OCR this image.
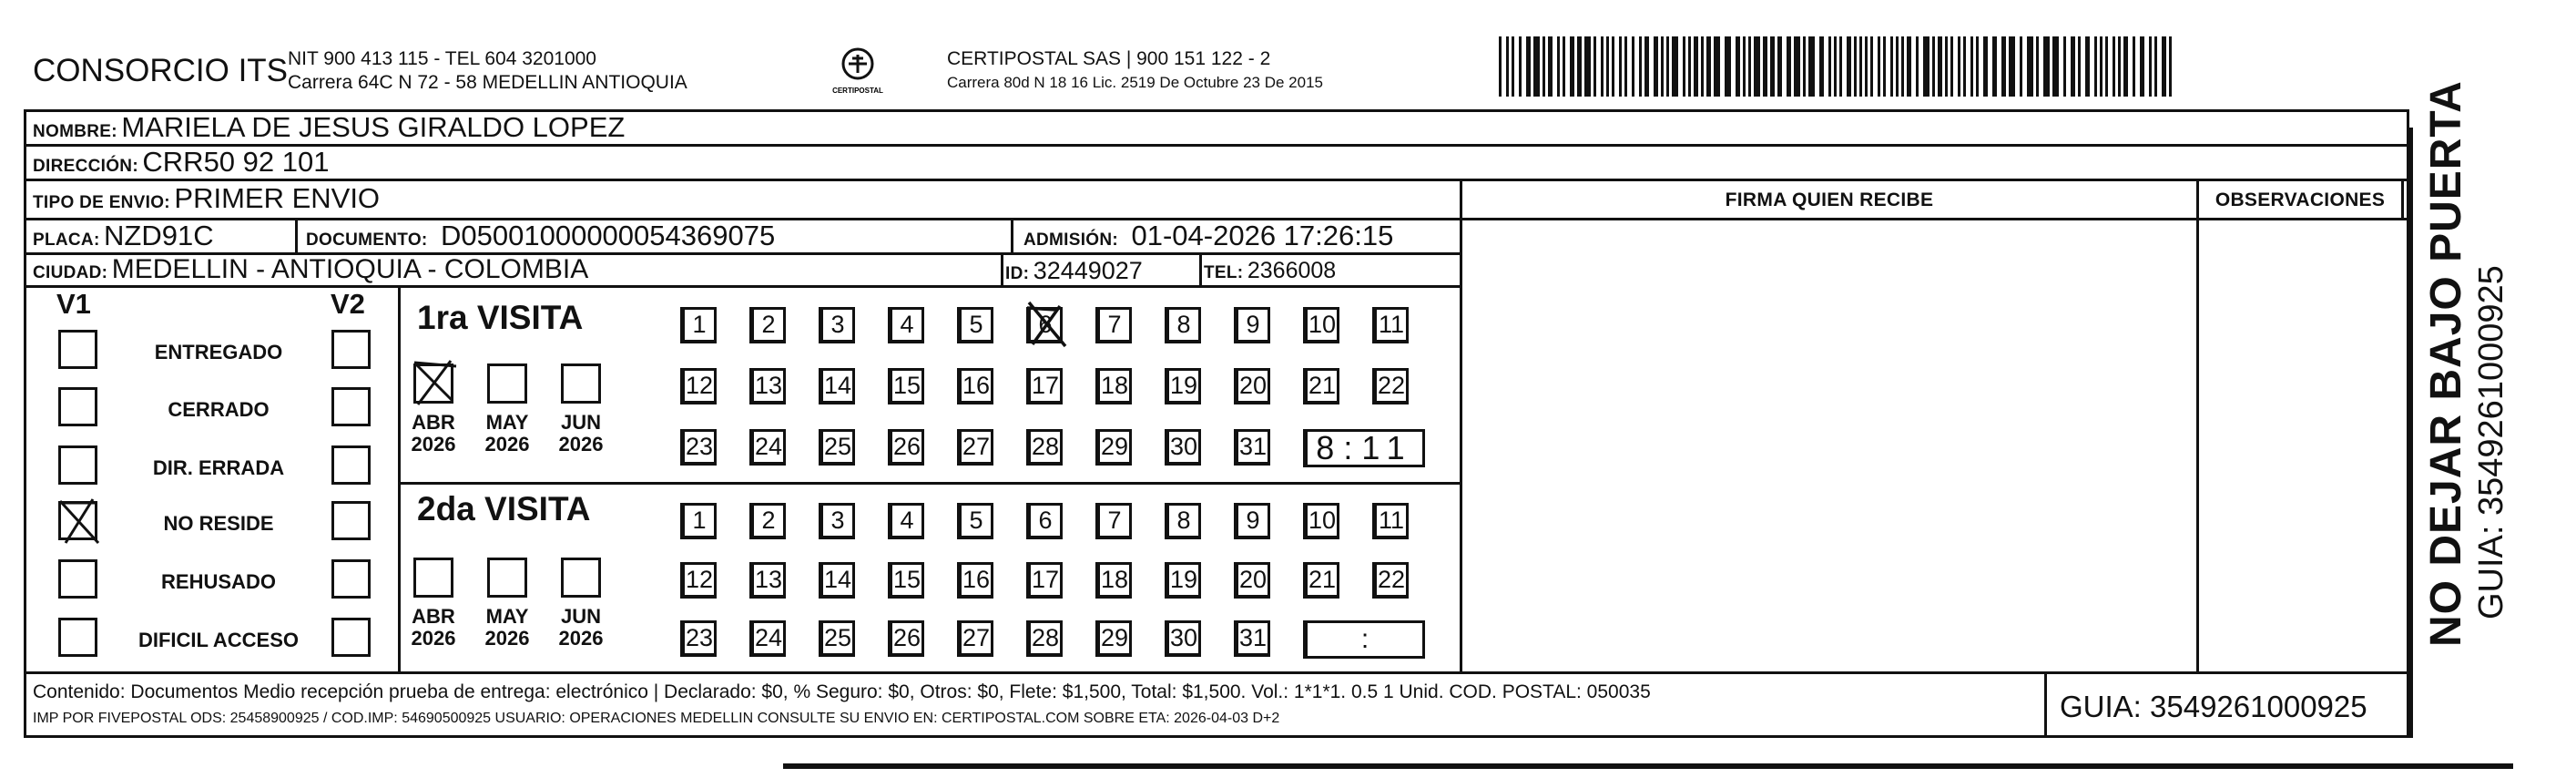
CONSORCIO ITS NIT 900 413 115 - TEL 604 3201000
Carrera 64C N 72 - 58 MEDELLIN ANTIOQUIA	CERTIPOSTAL
CERTIPOSTAL SAS | 900 151 122 - 2
Carrera 80d N 18 16 Lic. 2519 De Octubre 23 De 2015
NOMBRE: MARIELA DE JESUS GIRALDO LOPEZ
DIRECCIÓN: CRR50 92 101
TIPO DE ENVIO: PRIMER ENVIO	FIRMA QUIEN RECIBE	OBSERVACIONES
PLACA: NZD91C	DOCUMENTO: D05001000000054369075	ADMISIÓN: 01-04-2026 17:26:15
CIUDAD: MEDELLIN - ANTIOQUIA - COLOMBIA	ID: 32449027	TEL: 2366008
V1	V2
ENTREGADO
CERRADO
DIR. ERRADA
NO RESIDE
REHUSADO
DIFICIL ACCESO
1ra VISITA
2da VISITA
ABR
2026
MAY
2026
JUN
2026
1	2	3	4	5	6	7	8	9	10 11
12 13 14 15 16 17 18 19 20 21 22
23 24 25 26 27 28 29 30 31	8:11
ABR
2026
MAY
2026
JUN
2026
1	2	3	4	5	6	7	8	9	10 11
12 13 14 15 16 17 18 19 20 21 22
23 24 25 26 27 28 29 30 31	:
Contenido: Documentos Medio recepción prueba de entrega: electrónico | Declarado: $0, % Seguro: $0, Otros: $0, Flete: $1,500, Total: $1,500. Vol.: 1*1*1. 0.5 1 Unid. COD. POSTAL: 050035
IMP POR FIVEPOSTAL ODS: 25458900925 / COD.IMP: 54690500925 USUARIO: OPERACIONES MEDELLIN CONSULTE SU ENVIO EN: CERTIPOSTAL.COM SOBRE ETA: 2026-04-03 D+2	GUIA: 3549261000925
NO DEJAR BAJO PUERTA GUIA: 3549261000925
